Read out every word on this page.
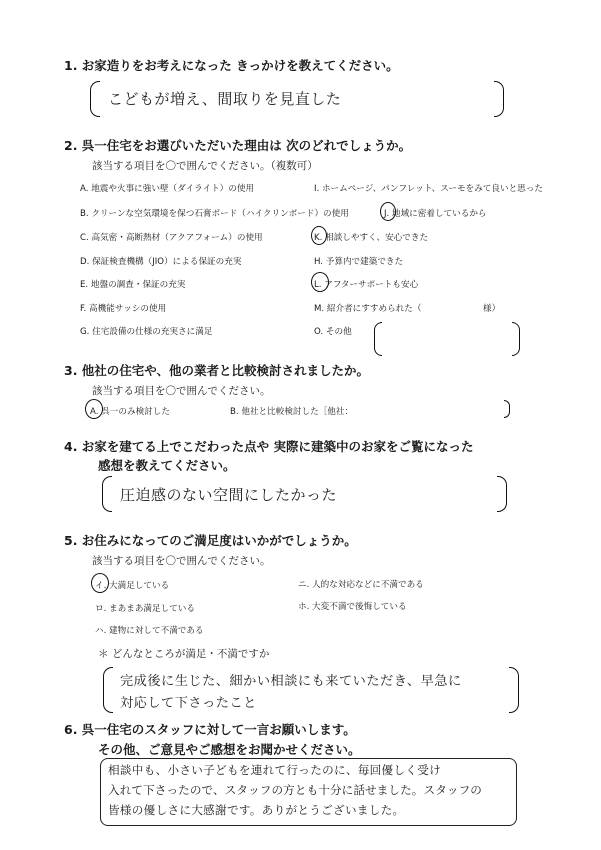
1. お家造りをお考えになった きっかけを教えてください。
こどもが増え、間取りを見直した
2. 呉一住宅をお選びいただいた理由は 次のどれでしょうか。
該当する項目を〇で囲んでください。（複数可）
A. 地震や火事に強い壁（ダイライト）の使用	I. ホームページ、パンフレット、スーモをみて良いと思った
B. クリーンな空気環境を保つ石膏ボード（ハイクリンボード）の使用	J. 地域に密着しているから
C. 高気密・高断熱材（アクアフォーム）の使用	K. 相談しやすく、安心できた
D. 保証検査機構（JIO）による保証の充実	H. 予算内で建築できた
E. 地盤の調査・保証の充実	L. アフターサポートも安心
F. 高機能サッシの使用	M. 紹介者にすすめられた（	様）
G. 住宅設備の仕様の充実さに満足	O. その他
3. 他社の住宅や、他の業者と比較検討されましたか。
該当する項目を〇で囲んでください。
A. 呉一のみ検討した	B. 他社と比較検討した［他社：
4. お家を建てる上でこだわった点や 実際に建築中のお家をご覧になった
感想を教えてください。
圧迫感のない空間にしたかった
5. お住みになってのご満足度はいかがでしょうか。
該当する項目を〇で囲んでください。
イ. 大満足している	ニ. 人的な対応などに不満である
ロ. まあまあ満足している	ホ. 大変不満で後悔している
ハ. 建物に対して不満である
＊ どんなところが満足・不満ですか
完成後に生じた、細かい相談にも来ていただき、早急に
対応して下さったこと
6. 呉一住宅のスタッフに対して一言お願いします。
その他、ご意見やご感想をお聞かせください。
相談中も、小さい子どもを連れて行ったのに、毎回優しく受け
入れて下さったので、スタッフの方とも十分に話せました。スタッフの
皆様の優しさに大感謝です。ありがとうございました。
